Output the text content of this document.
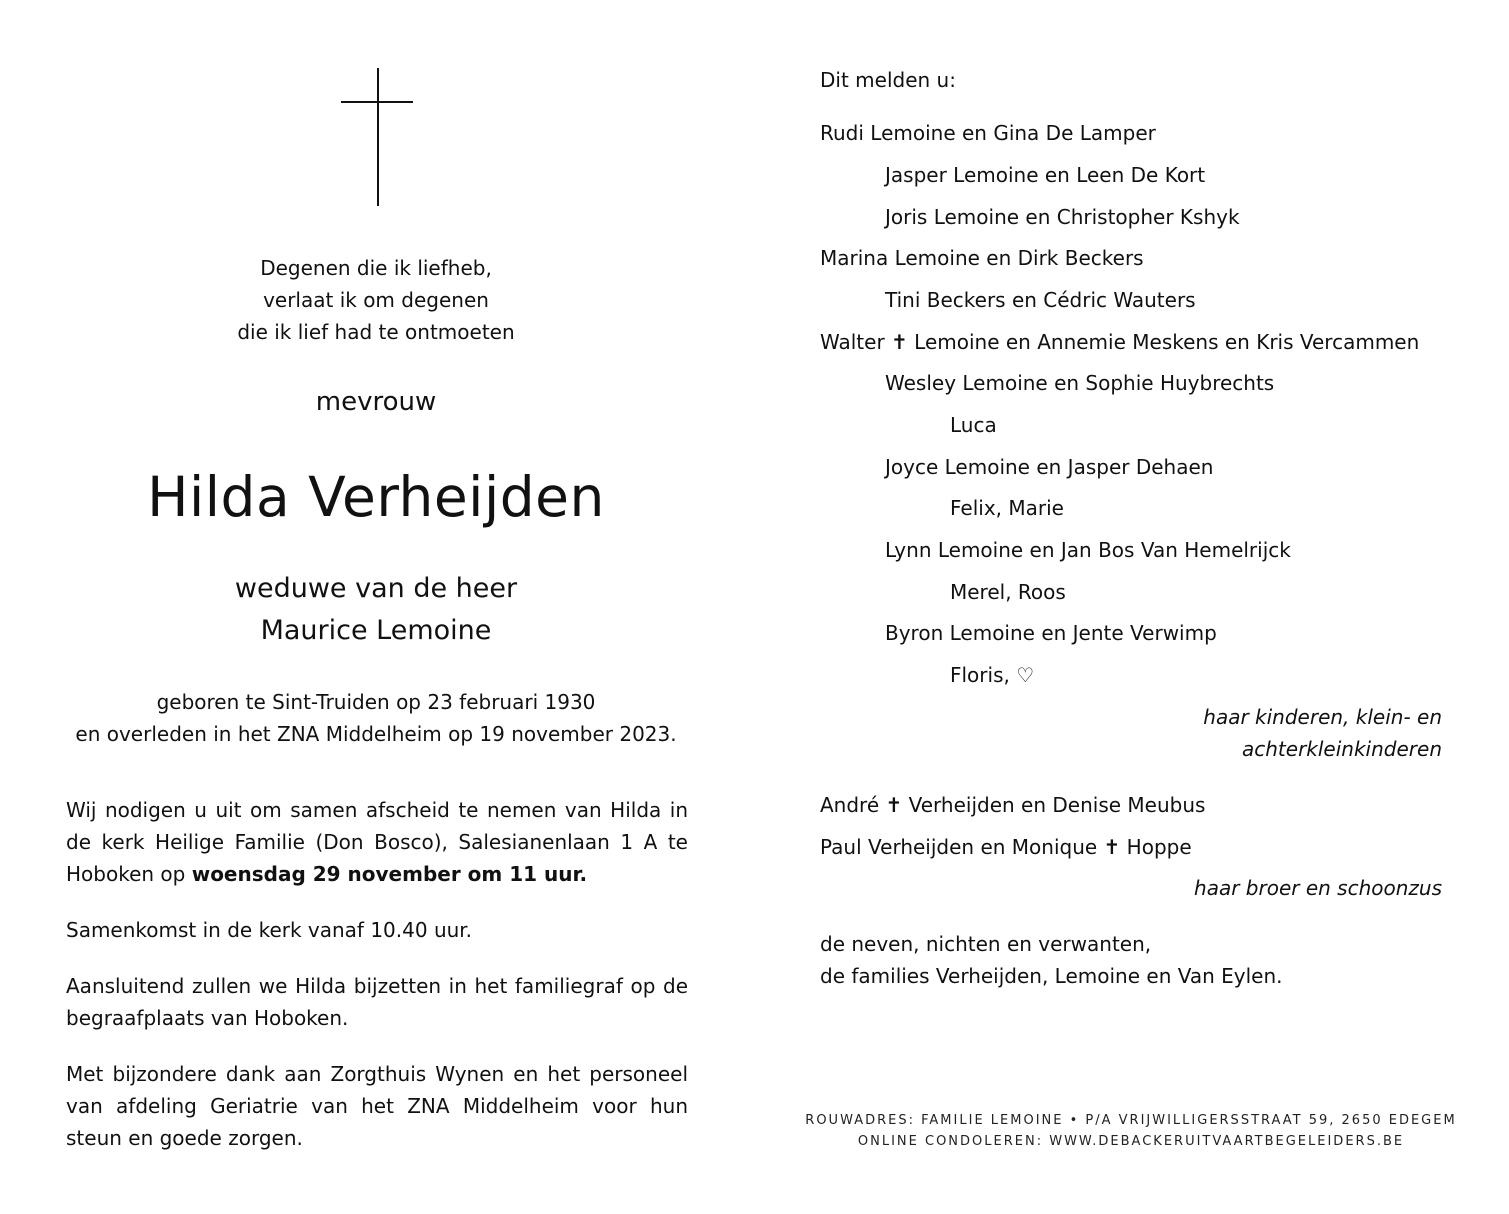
Degenen die ik liefheb,
verlaat ik om degenen
die ik lief had te ontmoeten
mevrouw
Hilda Verheijden
weduwe van de heer
Maurice Lemoine
geboren te Sint-Truiden op 23 februari 1930
en overleden in het ZNA Middelheim op 19 november 2023.
Wij nodigen u uit om samen afscheid te nemen van Hilda in de kerk Heilige Familie (Don Bosco), Salesianenlaan 1 A te Hoboken op woensdag 29 november om 11 uur.
Samenkomst in de kerk vanaf 10.40 uur.
Aansluitend zullen we Hilda bijzetten in het familiegraf op de begraafplaats van Hoboken.
Met bijzondere dank aan Zorgthuis Wynen en het personeel van afdeling Geriatrie van het ZNA Middelheim voor hun steun en goede zorgen.
Dit melden u:
Rudi Lemoine en Gina De Lamper
Jasper Lemoine en Leen De Kort
Joris Lemoine en Christopher Kshyk
Marina Lemoine en Dirk Beckers
Tini Beckers en Cédric Wauters
Walter ✝ Lemoine en Annemie Meskens en Kris Vercammen
Wesley Lemoine en Sophie Huybrechts
Luca
Joyce Lemoine en Jasper Dehaen
Felix, Marie
Lynn Lemoine en Jan Bos Van Hemelrijck
Merel, Roos
Byron Lemoine en Jente Verwimp
Floris, ♡
haar kinderen, klein- en
achterkleinkinderen
André ✝ Verheijden en Denise Meubus
Paul Verheijden en Monique ✝ Hoppe
haar broer en schoonzus
de neven, nichten en verwanten,
de families Verheijden, Lemoine en Van Eylen.
ROUWADRES: FAMILIE LEMOINE • P/A VRIJWILLIGERSSTRAAT 59, 2650 EDEGEM
ONLINE CONDOLEREN: WWW.DEBACKERUITVAARTBEGELEIDERS.BE
